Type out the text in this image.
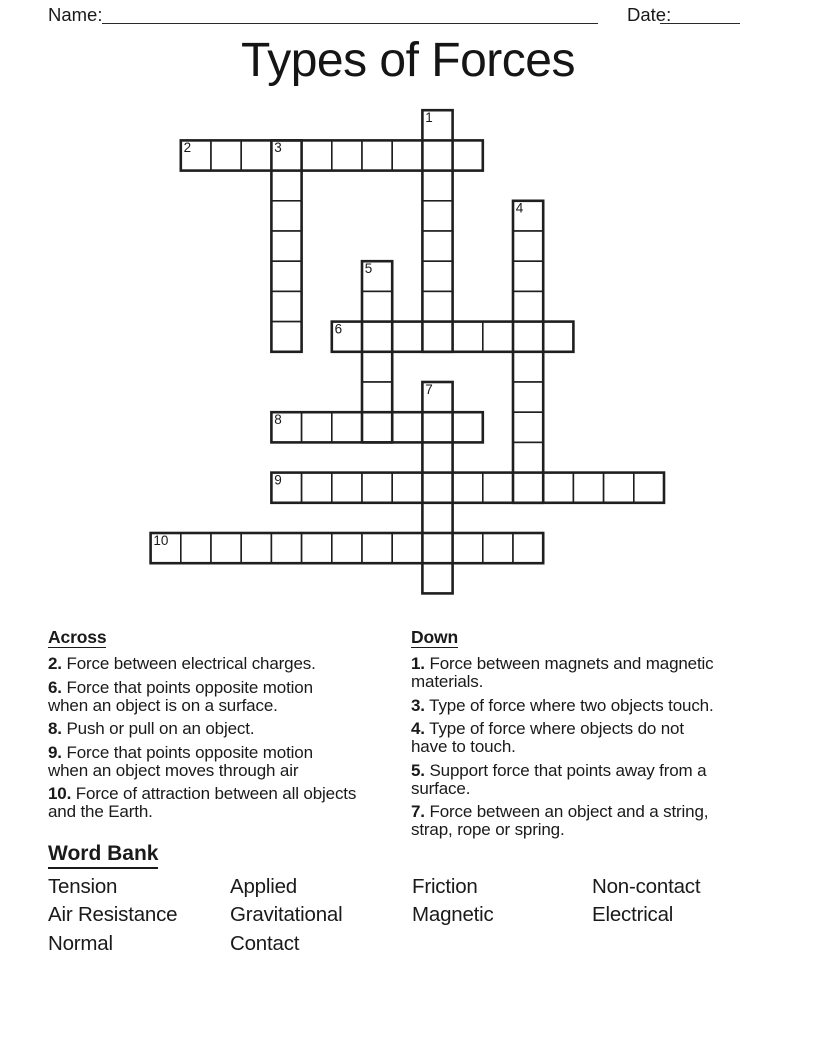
Name:	Date:
Types of Forces
1
2	3
4
5
6
7
8
9
10
Across

2. Force between electrical charges.

6. Force that points opposite motion
when an object is on a surface.

8. Push or pull on an object.

9. Force that points opposite motion
when an object moves through air

10. Force of attraction between all objects
and the Earth.

Down

1. Force between magnets and magnetic
materials.

3. Type of force where two objects touch.

4. Type of force where objects do not
have to touch.

5. Support force that points away from a
surface.

7. Force between an object and a string,
strap, rope or spring.

Word Bank
Tension	Applied	Friction	Non-contact
Air Resistance	Gravitational	Magnetic	Electrical
Normal	Contact
